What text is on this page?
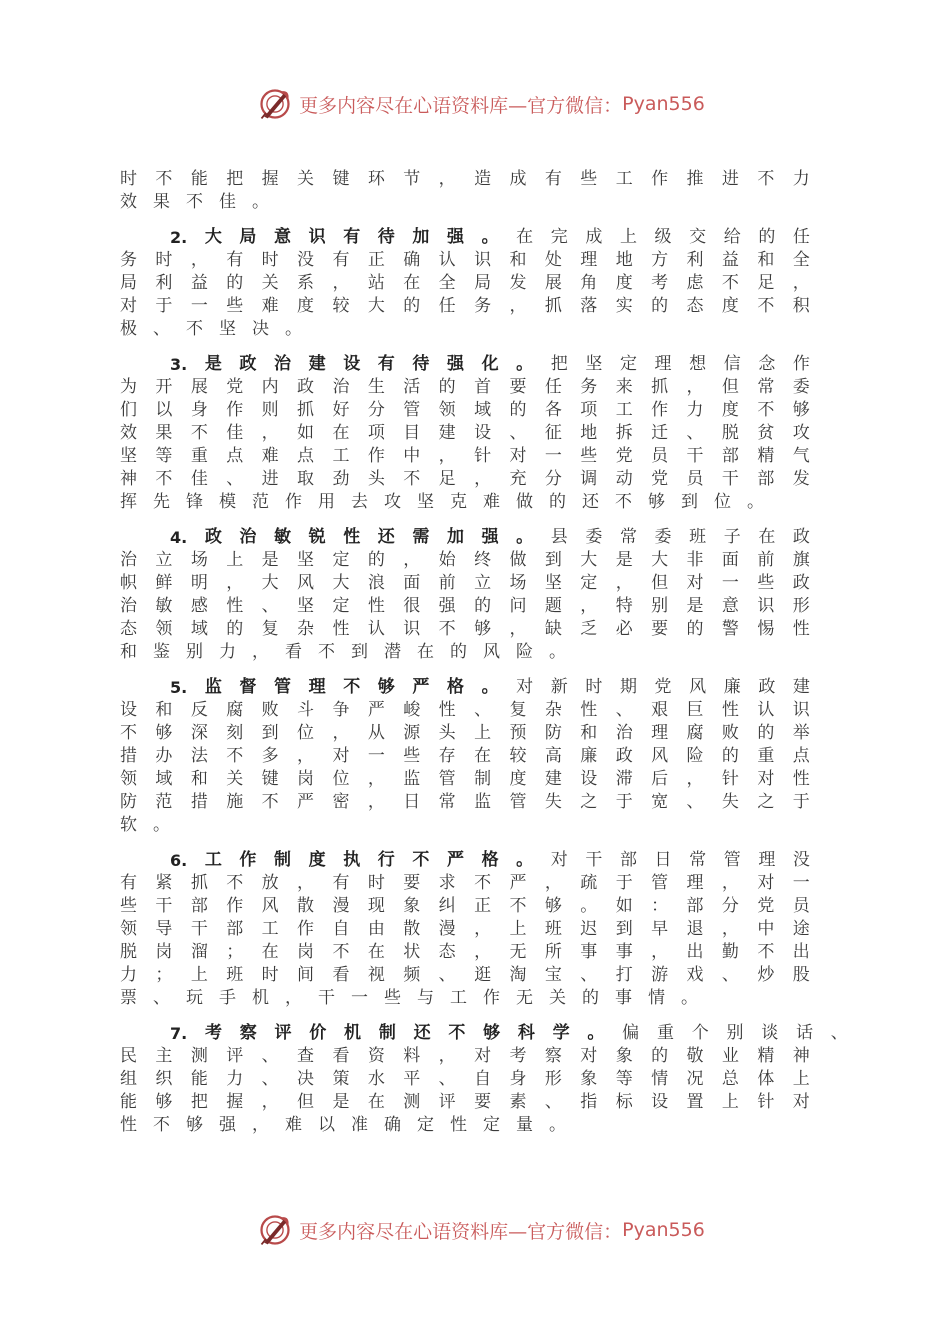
更多内容尽在心语资料库—官方微信： Pyan556
时 不 能 把 握 关 键 环 节 ， 造 成 有 些 工 作 推 进 不 力
效 果 不 佳 。
2. 大 局 意 识 有 待 加 强 。 在 完 成 上 级 交 给 的 任
务 时 ， 有 时 没 有 正 确 认 识 和 处 理 地 方 利 益 和 全
局 利 益 的 关 系 ， 站 在 全 局 发 展 角 度 考 虑 不 足 ，
对 于 一 些 难 度 较 大 的 任 务 ， 抓 落 实 的 态 度 不 积
极 、 不 坚 决 。
3. 是 政 治 建 设 有 待 强 化 。 把 坚 定 理 想 信 念 作
为 开 展 党 内 政 治 生 活 的 首 要 任 务 来 抓 ， 但 常 委
们 以 身 作 则 抓 好 分 管 领 域 的 各 项 工 作 力 度 不 够
效 果 不 佳 ， 如 在 项 目 建 设 、 征 地 拆 迁 、 脱 贫 攻
坚 等 重 点 难 点 工 作 中 ， 针 对 一 些 党 员 干 部 精 气
神 不 佳 、 进 取 劲 头 不 足 ， 充 分 调 动 党 员 干 部 发
挥 先 锋 模 范 作 用 去 攻 坚 克 难 做 的 还 不 够 到 位 。
4. 政 治 敏 锐 性 还 需 加 强 。 县 委 常 委 班 子 在 政
治 立 场 上 是 坚 定 的 ， 始 终 做 到 大 是 大 非 面 前 旗
帜 鲜 明 ， 大 风 大 浪 面 前 立 场 坚 定 ， 但 对 一 些 政
治 敏 感 性 、 坚 定 性 很 强 的 问 题 ， 特 别 是 意 识 形
态 领 域 的 复 杂 性 认 识 不 够 ， 缺 乏 必 要 的 警 惕 性
和 鉴 别 力 ， 看 不 到 潜 在 的 风 险 。
5. 监 督 管 理 不 够 严 格 。 对 新 时 期 党 风 廉 政 建
设 和 反 腐 败 斗 争 严 峻 性 、 复 杂 性 、 艰 巨 性 认 识
不 够 深 刻 到 位 ， 从 源 头 上 预 防 和 治 理 腐 败 的 举
措 办 法 不 多 ， 对 一 些 存 在 较 高 廉 政 风 险 的 重 点
领 域 和 关 键 岗 位 ， 监 管 制 度 建 设 滞 后 ， 针 对 性
防 范 措 施 不 严 密 ， 日 常 监 管 失 之 于 宽 、 失 之 于
软 。
6. 工 作 制 度 执 行 不 严 格 。 对 干 部 日 常 管 理 没
有 紧 抓 不 放 ， 有 时 要 求 不 严 ， 疏 于 管 理 ， 对 一
些 干 部 作 风 散 漫 现 象 纠 正 不 够 。 如 ： 部 分 党 员
领 导 干 部 工 作 自 由 散 漫 ， 上 班 迟 到 早 退 ， 中 途
脱 岗 溜 ； 在 岗 不 在 状 态 ， 无 所 事 事 ， 出 勤 不 出
力 ； 上 班 时 间 看 视 频 、 逛 淘 宝 、 打 游 戏 、 炒 股
票 、 玩 手 机 ， 干 一 些 与 工 作 无 关 的 事 情 。
7. 考 察 评 价 机 制 还 不 够 科 学 。 偏 重 个 别 谈 话 、
民 主 测 评 、 查 看 资 料 ， 对 考 察 对 象 的 敬 业 精 神
组 织 能 力 、 决 策 水 平 、 自 身 形 象 等 情 况 总 体 上
能 够 把 握 ， 但 是 在 测 评 要 素 、 指 标 设 置 上 针 对
性 不 够 强 ， 难 以 准 确 定 性 定 量 。
更多内容尽在心语资料库—官方微信： Pyan556
